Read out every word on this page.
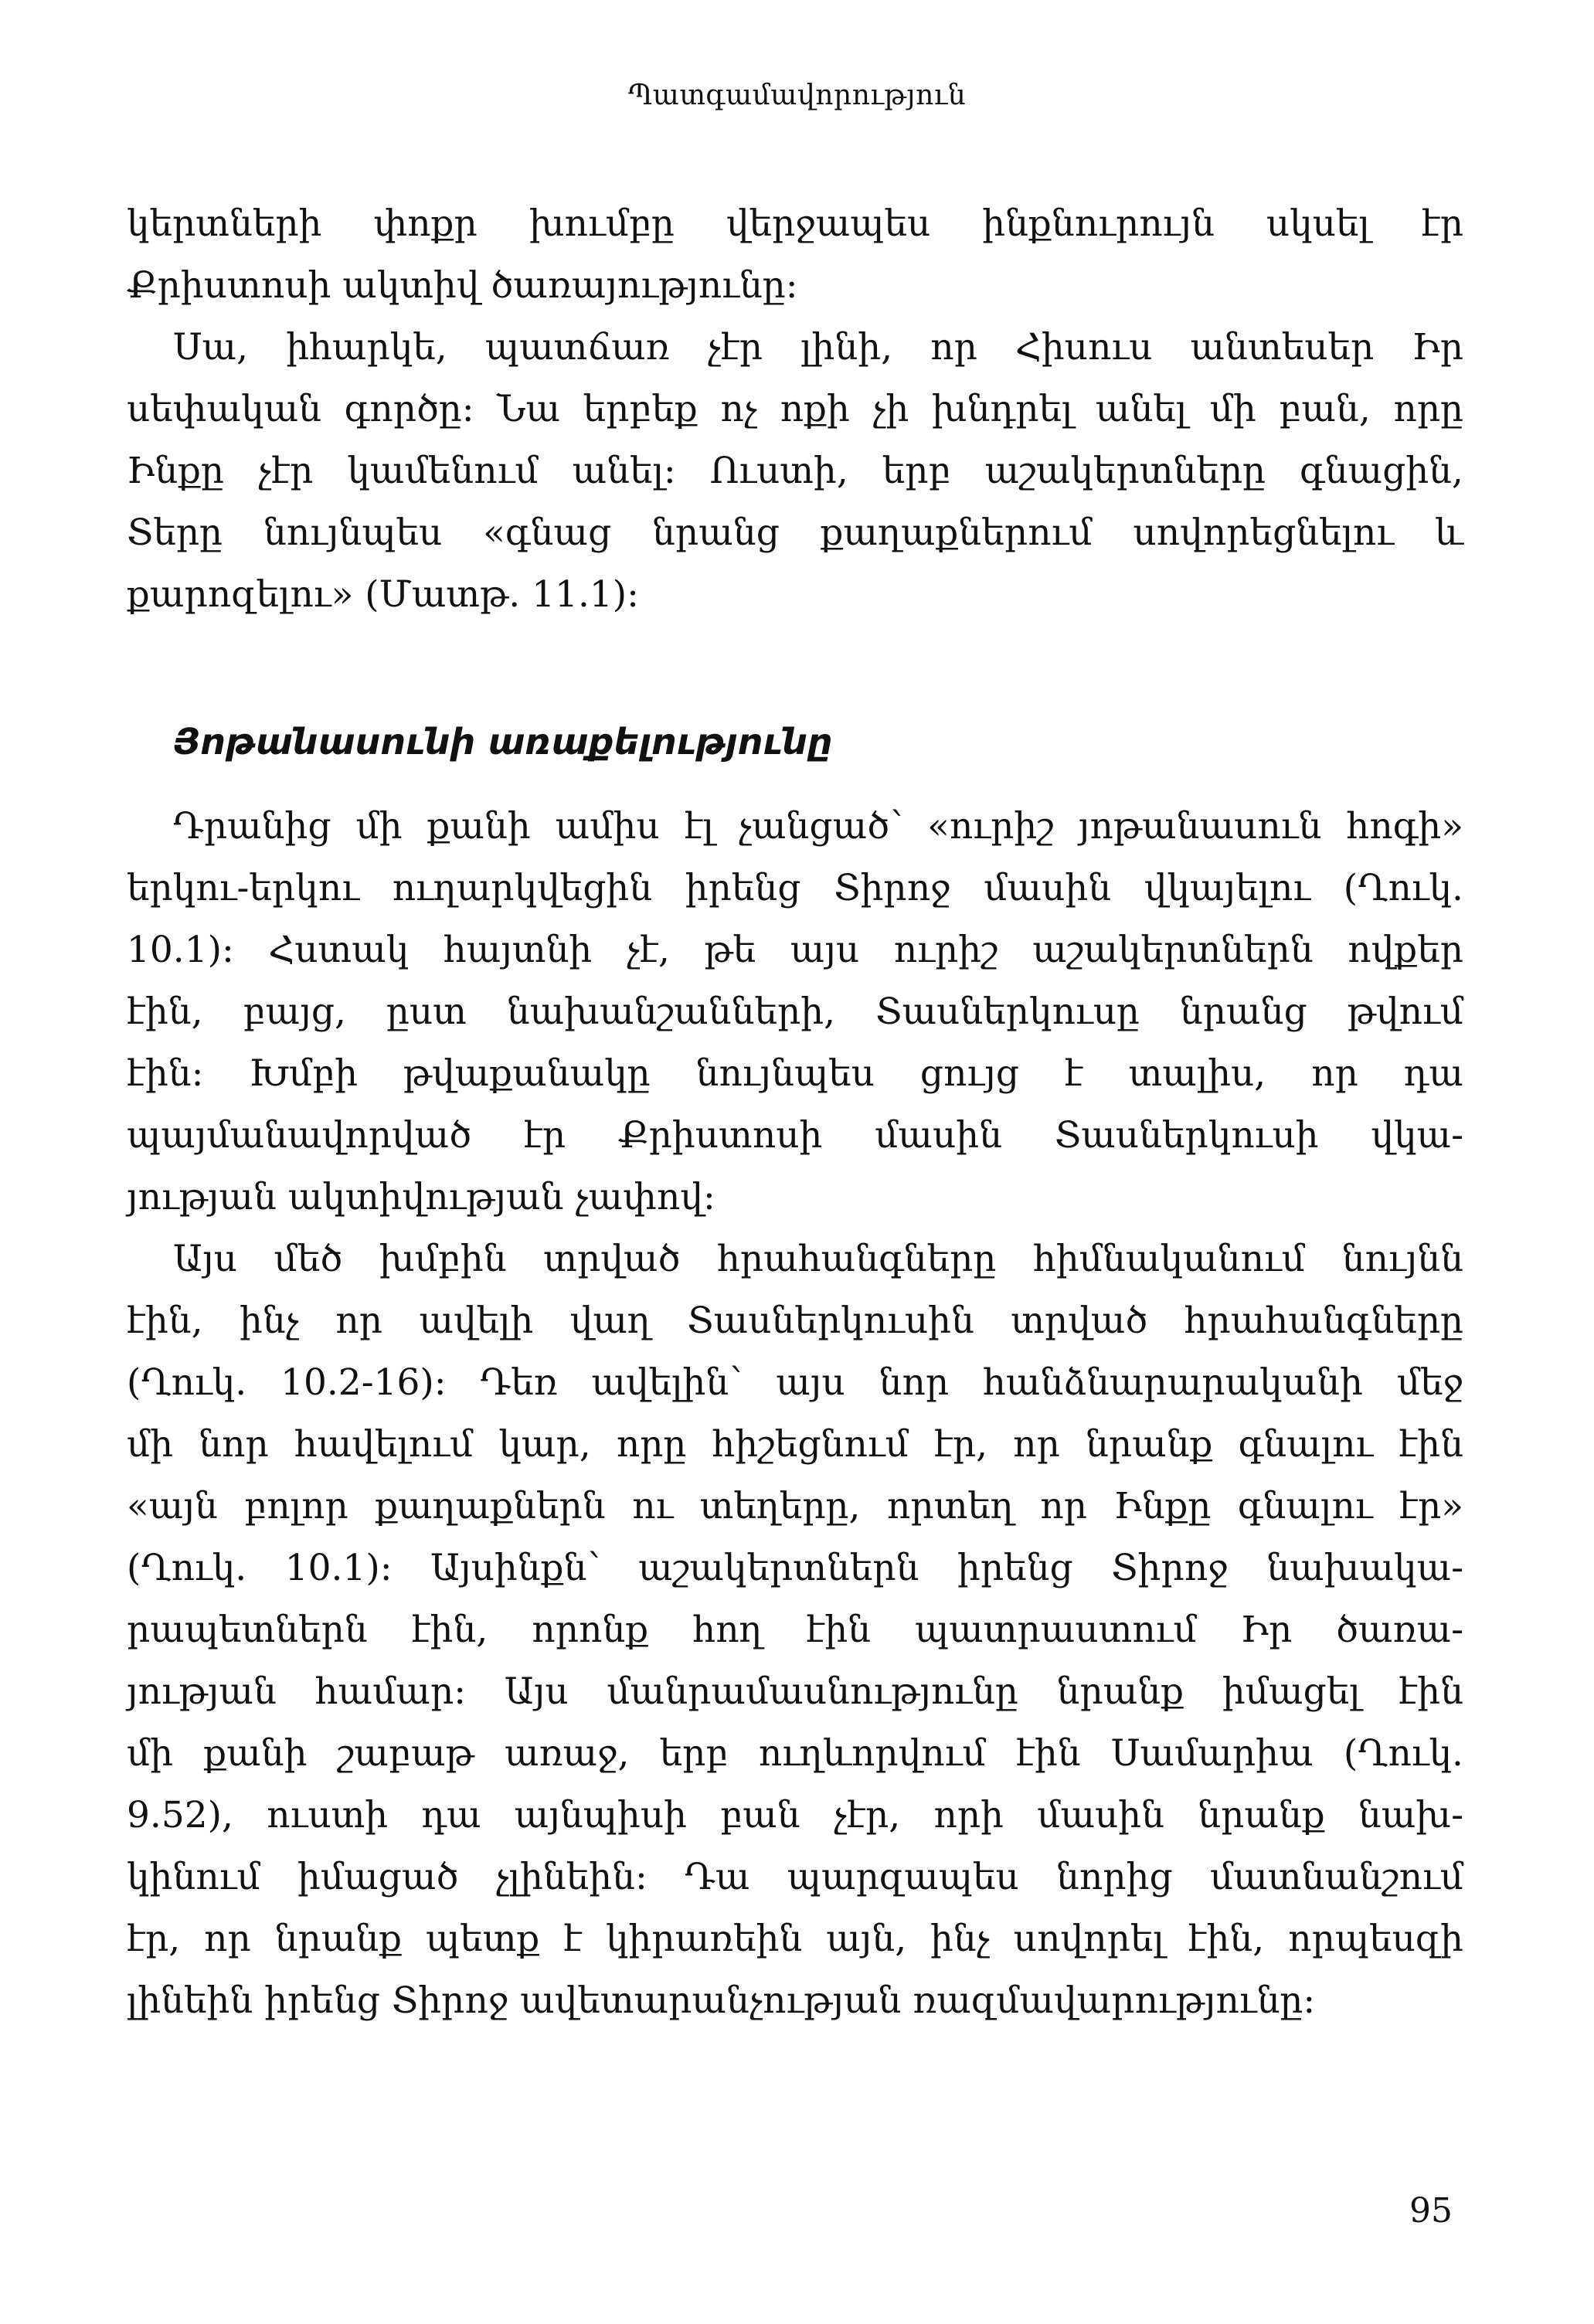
Պատգամավորություն
կերտների փոքր խումբը վերջապես ինքնուրույն սկսել էր
Քրիստոսի ակտիվ ծառայությունը:
Սա, իհարկե, պատճառ չէր լինի, որ Հիսուս անտեսեր Իր
սեփական գործը: Նա երբեք ոչ ոքի չի խնդրել անել մի բան, որը
Ինքը չէր կամենում անել: Ուստի, երբ աշակերտները գնացին,
Տերը նույնպես «գնաց նրանց քաղաքներում սովորեցնելու և
քարոզելու» (Մատթ. 11.1):
Յոթանասունի առաքելությունը
Դրանից մի քանի ամիս էլ չանցած՝ «ուրիշ յոթանասուն հոգի»
երկու-երկու ուղարկվեցին իրենց Տիրոջ մասին վկայելու (Ղուկ.
10.1): Հստակ հայտնի չէ, թե այս ուրիշ աշակերտներն ովքեր
էին, բայց, ըստ նախանշանների, Տասներկուսը նրանց թվում
էին: Խմբի թվաքանակը նույնպես ցույց է տալիս, որ դա
պայմանավորված էր Քրիստոսի մասին Տասներկուսի վկա-
յության ակտիվության չափով:
Այս մեծ խմբին տրված հրահանգները հիմնականում նույնն
էին, ինչ որ ավելի վաղ Տասներկուսին տրված հրահանգները
(Ղուկ. 10.2-16): Դեռ ավելին՝ այս նոր հանձնարարականի մեջ
մի նոր հավելում կար, որը հիշեցնում էր, որ նրանք գնալու էին
«այն բոլոր քաղաքներն ու տեղերը, որտեղ որ Ինքը գնալու էր»
(Ղուկ. 10.1): Այսինքն՝ աշակերտներն իրենց Տիրոջ նախակա-
րապետներն էին, որոնք հող էին պատրաստում Իր ծառա-
յության համար: Այս մանրամասնությունը նրանք իմացել էին
մի քանի շաբաթ առաջ, երբ ուղևորվում էին Սամարիա (Ղուկ.
9.52), ուստի դա այնպիսի բան չէր, որի մասին նրանք նախ-
կինում իմացած չլինեին: Դա պարզապես նորից մատնանշում
էր, որ նրանք պետք է կիրառեին այն, ինչ սովորել էին, որպեսզի
լինեին իրենց Տիրոջ ավետարանչության ռազմավարությունը:
95
